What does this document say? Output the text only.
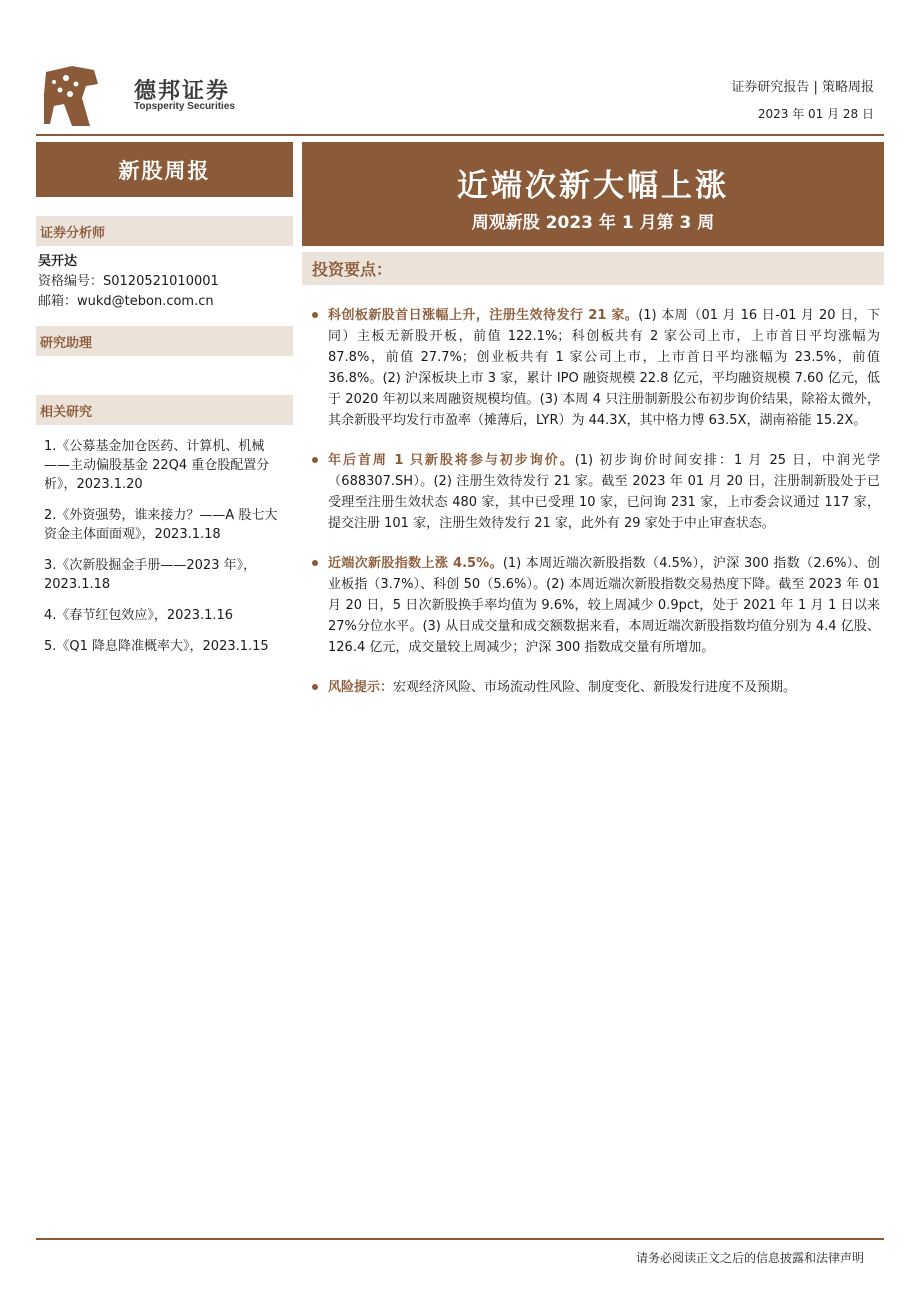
德邦证券
Topsperity Securities
证券研究报告 | 策略周报
2023 年 01 月 28 日
新股周报
证券分析师
吴开达
资格编号：S0120521010001
邮箱：wukd@tebon.com.cn
研究助理
相关研究
1.《公募基金加仓医药、计算机、机械——主动偏股基金 22Q4 重仓股配置分析》，2023.1.20
2.《外资强势，谁来接力？——A 股七大资金主体面面观》，2023.1.18
3.《次新股掘金手册——2023 年》，2023.1.18
4.《春节红包效应》，2023.1.16
5.《Q1 降息降准概率大》，2023.1.15
近端次新大幅上涨
周观新股 2023 年 1 月第 3 周
投资要点：
科创板新股首日涨幅上升，注册生效待发行 21 家。(1) 本周（01 月 16 日-01 月 20 日，下同）主板无新股开板，前值 122.1%；科创板共有 2 家公司上市，上市首日平均涨幅为 87.8%，前值 27.7%；创业板共有 1 家公司上市，上市首日平均涨幅为 23.5%，前值 36.8%。(2) 沪深板块上市 3 家，累计 IPO 融资规模 22.8 亿元，平均融资规模 7.60 亿元，低于 2020 年初以来周融资规模均值。(3) 本周 4 只注册制新股公布初步询价结果，除裕太微外，其余新股平均发行市盈率（摊薄后，LYR）为 44.3X，其中格力博 63.5X，湖南裕能 15.2X。
年后首周 1 只新股将参与初步询价。(1) 初步询价时间安排：1 月 25 日，中润光学（688307.SH）。(2) 注册生效待发行 21 家。截至 2023 年 01 月 20 日，注册制新股处于已受理至注册生效状态 480 家，其中已受理 10 家，已问询 231 家，上市委会议通过 117 家，提交注册 101 家，注册生效待发行 21 家，此外有 29 家处于中止审查状态。
近端次新股指数上涨 4.5%。(1) 本周近端次新股指数（4.5%），沪深 300 指数（2.6%）、创业板指（3.7%）、科创 50（5.6%）。(2) 本周近端次新股指数交易热度下降。截至 2023 年 01 月 20 日，5 日次新股换手率均值为 9.6%，较上周减少 0.9pct，处于 2021 年 1 月 1 日以来 27%分位水平。(3) 从日成交量和成交额数据来看，本周近端次新股指数均值分别为 4.4 亿股、126.4 亿元，成交量较上周减少；沪深 300 指数成交量有所增加。
风险提示：宏观经济风险、市场流动性风险、制度变化、新股发行进度不及预期。
请务必阅读正文之后的信息披露和法律声明
